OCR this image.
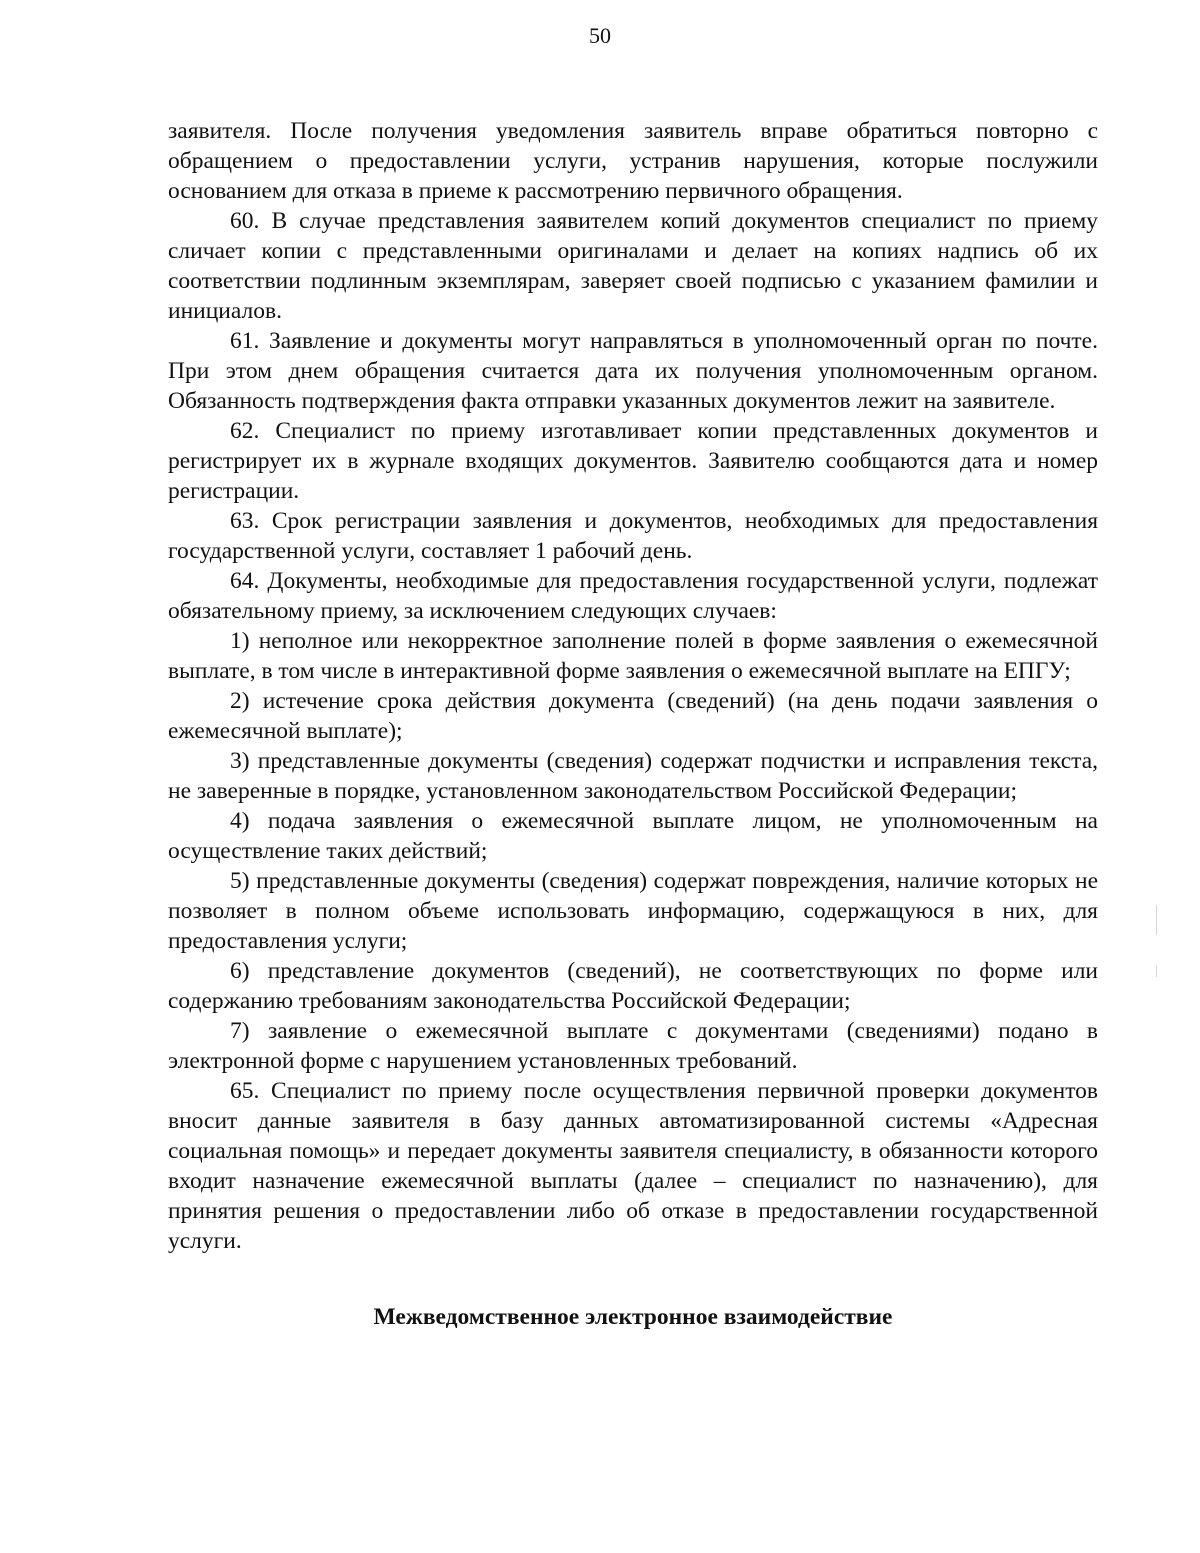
50

заявителя. После получения уведомления заявитель вправе обратиться повторно с обращением о предоставлении услуги, устранив нарушения, которые послужили основанием для отказа в приеме к рассмотрению первичного обращения.

60. В случае представления заявителем копий документов специалист по приему сличает копии с представленными оригиналами и делает на копиях надпись об их соответствии подлинным экземплярам, заверяет своей подписью с указанием фамилии и инициалов.

61. Заявление и документы могут направляться в уполномоченный орган по почте. При этом днем обращения считается дата их получения уполномоченным органом. Обязанность подтверждения факта отправки указанных документов лежит на заявителе.

62. Специалист по приему изготавливает копии представленных документов и регистрирует их в журнале входящих документов. Заявителю сообщаются дата и номер регистрации.

63. Срок регистрации заявления и документов, необходимых для предоставления государственной услуги, составляет 1 рабочий день.

64. Документы, необходимые для предоставления государственной услуги, подлежат обязательному приему, за исключением следующих случаев:

1) неполное или некорректное заполнение полей в форме заявления о ежемесячной выплате, в том числе в интерактивной форме заявления о ежемесячной выплате на ЕПГУ;

2) истечение срока действия документа (сведений) (на день подачи заявления о ежемесячной выплате);

3) представленные документы (сведения) содержат подчистки и исправления текста, не заверенные в порядке, установленном законодательством Российской Федерации;

4) подача заявления о ежемесячной выплате лицом, не уполномоченным на осуществление таких действий;

5) представленные документы (сведения) содержат повреждения, наличие которых не позволяет в полном объеме использовать информацию, содержащуюся в них, для предоставления услуги;

6) представление документов (сведений), не соответствующих по форме или содержанию требованиям законодательства Российской Федерации;

7) заявление о ежемесячной выплате с документами (сведениями) подано в электронной форме с нарушением установленных требований.

65. Специалист по приему после осуществления первичной проверки документов вносит данные заявителя в базу данных автоматизированной системы «Адресная социальная помощь» и передает документы заявителя специалисту, в обязанности которого входит назначение ежемесячной выплаты (далее – специалист по назначению), для принятия решения о предоставлении либо об отказе в предоставлении государственной услуги.

Межведомственное электронное взаимодействие
